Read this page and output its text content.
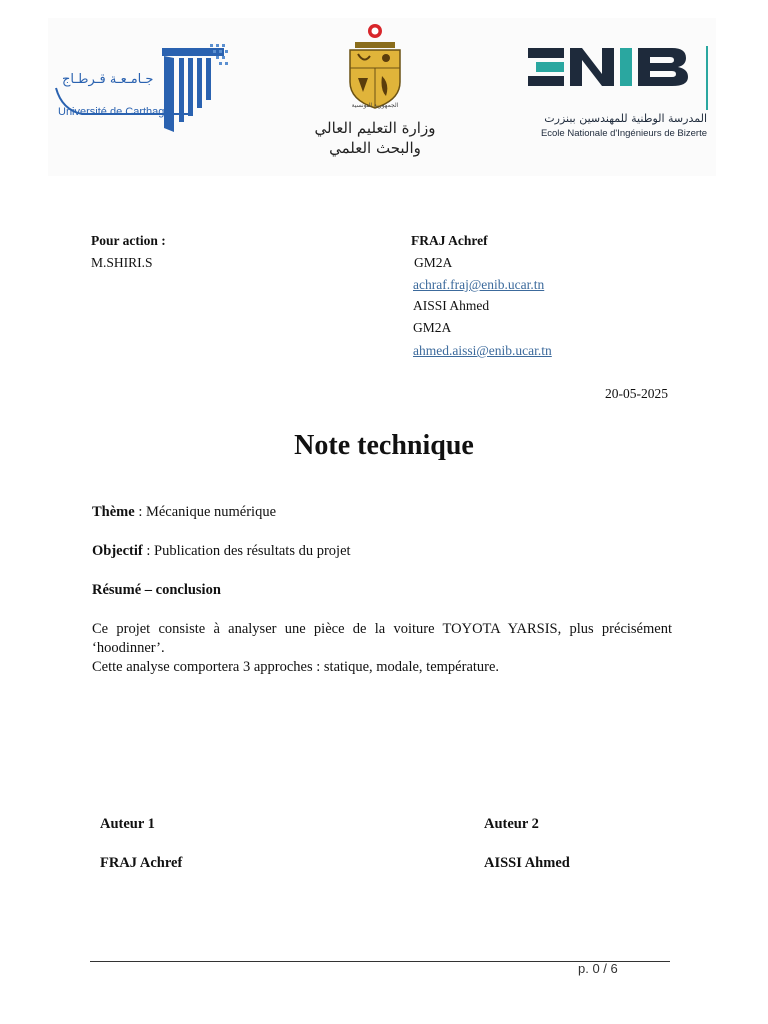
جـامـعـة قـرطـاج
Université de Carthage
الجمهورية التونسية
وزارة التعليم العالي
والبحث العلمي
المدرسة الوطنية للمهندسين ببنزرت
Ecole Nationale d'Ingénieurs de Bizerte
Pour action :
M.SHIRI.S
FRAJ Achref
GM2A
achraf.fraj@enib.ucar.tn
AISSI Ahmed
GM2A
ahmed.aissi@enib.ucar.tn
20-05-2025
Note technique
Thème : Mécanique numérique
Objectif : Publication des résultats du projet
Résumé – conclusion

Ce projet consiste à analyser une pièce de la voiture TOYOTA YARSIS, plus précisément ‘hoodinner’.

Cette analyse comportera 3 approches : statique, modale, température.

Auteur 1
FRAJ Achref
Auteur 2
AISSI Ahmed
p. 0 / 6
